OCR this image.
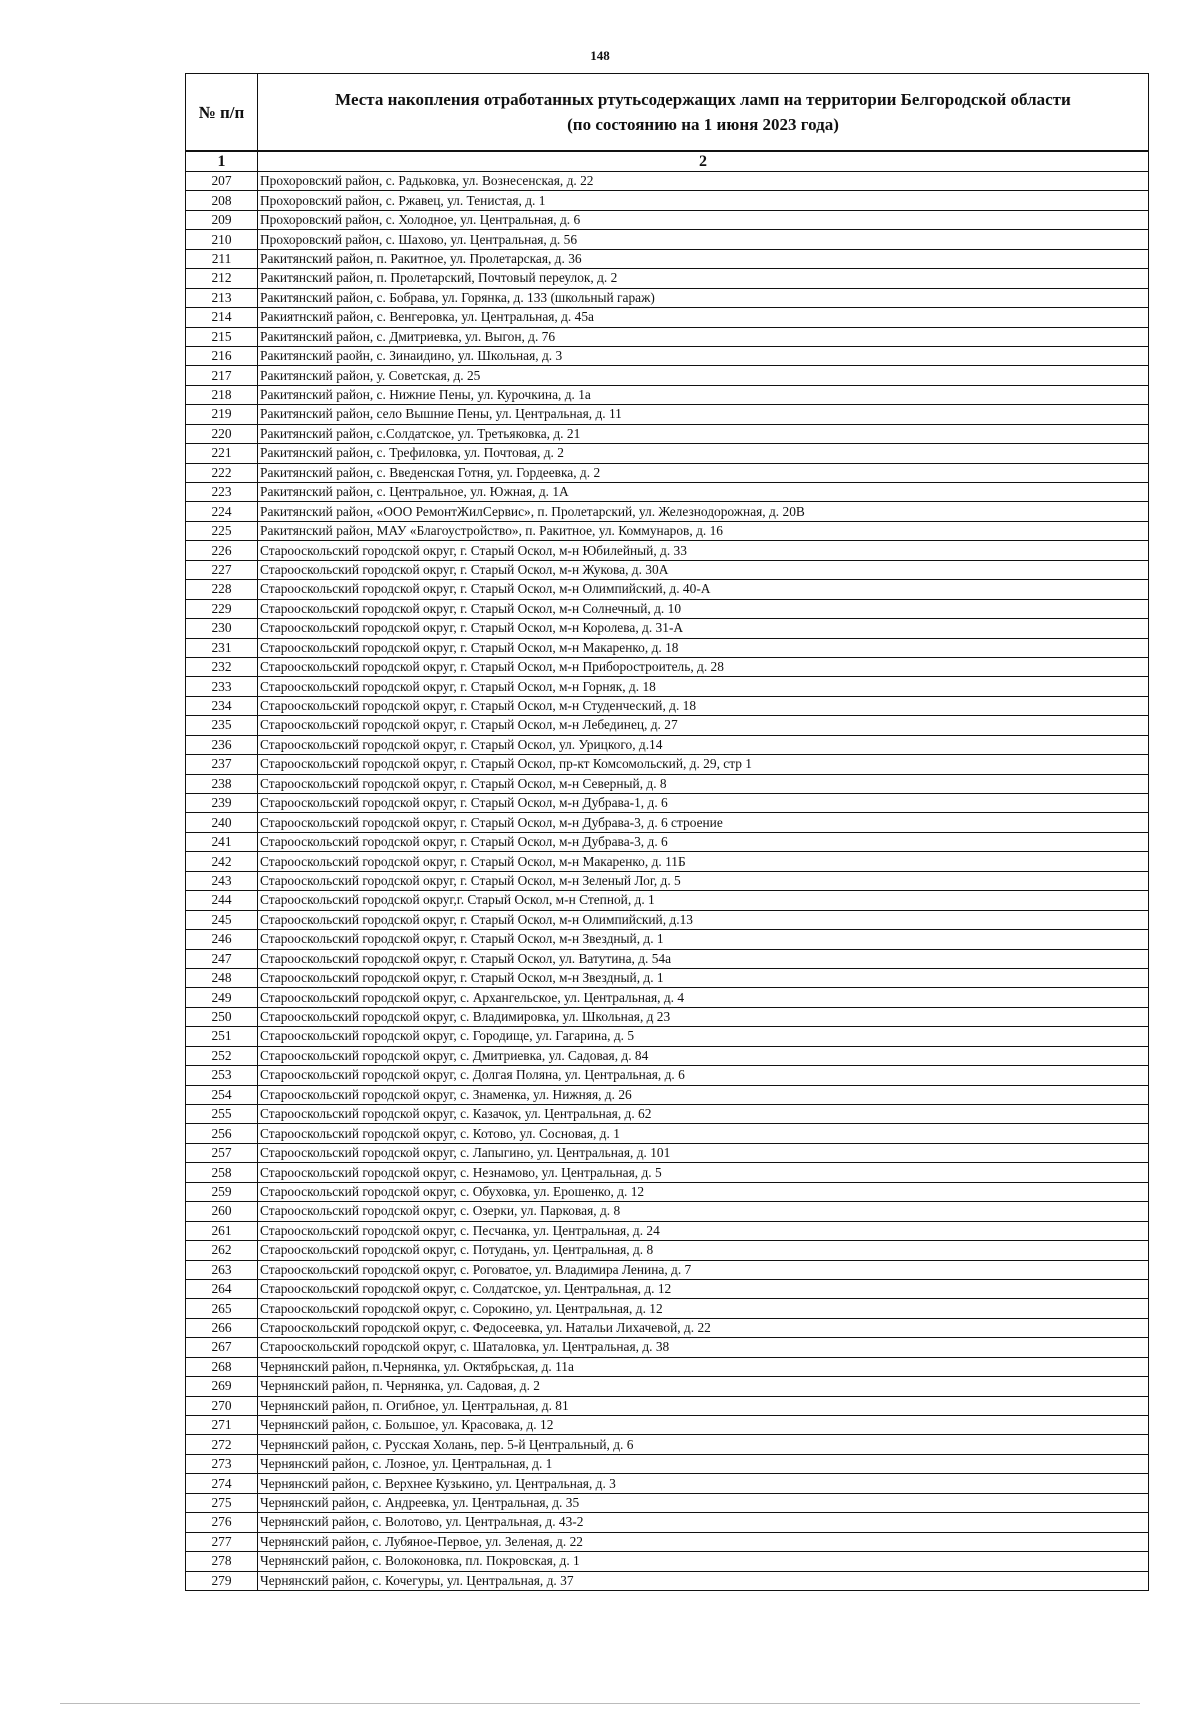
148
№ п/п	Места накопления отработанных ртутьсодержащих ламп на территории Белгородской области
(по состоянию на 1 июня 2023 года)

1	2
207	Прохоровский район, с. Радьковка, ул. Вознесенская, д. 22
208	Прохоровский район, с. Ржавец, ул. Тенистая, д. 1
209	Прохоровский район, с. Холодное, ул. Центральная, д. 6
210	Прохоровский район, с. Шахово, ул. Центральная, д. 56
211	Ракитянский район, п. Ракитное, ул. Пролетарская, д. 36
212	Ракитянский район, п. Пролетарский, Почтовый переулок, д. 2
213	Ракитянский район, с. Бобрава, ул. Горянка, д. 133 (школьный гараж)
214	Ракиятнский район, с. Венгеровка, ул. Центральная, д. 45а
215	Ракитянский район, с. Дмитриевка, ул. Выгон, д. 76
216	Ракитянский раойн, с. Зинаидино, ул. Школьная, д. 3
217	Ракитянский район, у. Советская, д. 25
218	Ракитянский район, с. Нижние Пены, ул. Курочкина, д. 1а
219	Ракитянский район, село Вышние Пены, ул. Центральная, д. 11
220	Ракитянский район, с.Солдатское, ул. Третьяковка, д. 21
221	Ракитянский район, с. Трефиловка, ул. Почтовая, д. 2
222	Ракитянский район, с. Введенская Готня, ул. Гордеевка, д. 2
223	Ракитянский район, с. Центральное, ул. Южная, д. 1А
224	Ракитянский район, «ООО РемонтЖилСервис», п. Пролетарский, ул. Железнодорожная, д. 20В
225	Ракитянский район, МАУ «Благоустройство», п. Ракитное, ул. Коммунаров, д. 16
226	Старооскольский городской округ, г. Старый Оскол, м-н Юбилейный, д. 33
227	Старооскольский городской округ, г. Старый Оскол, м-н Жукова, д. 30А
228	Старооскольский городской округ, г. Старый Оскол, м-н Олимпийский, д. 40-А
229	Старооскольский городской округ, г. Старый Оскол, м-н Солнечный, д. 10
230	Старооскольский городской округ, г. Старый Оскол, м-н Королева, д. 31-А
231	Старооскольский городской округ, г. Старый Оскол, м-н Макаренко, д. 18
232	Старооскольский городской округ, г. Старый Оскол, м-н Приборостроитель, д. 28
233	Старооскольский городской округ, г. Старый Оскол, м-н Горняк, д. 18
234	Старооскольский городской округ, г. Старый Оскол, м-н Студенческий, д. 18
235	Старооскольский городской округ, г. Старый Оскол, м-н Лебединец, д. 27
236	Старооскольский городской округ, г. Старый Оскол, ул. Урицкого, д.14
237	Старооскольский городской округ, г. Старый Оскол, пр-кт Комсомольский, д. 29, стр 1
238	Старооскольский городской округ, г. Старый Оскол, м-н Северный, д. 8
239	Старооскольский городской округ, г. Старый Оскол, м-н Дубрава-1, д. 6
240	Старооскольский городской округ, г. Старый Оскол, м-н Дубрава-3, д. 6 строение
241	Старооскольский городской округ, г. Старый Оскол, м-н Дубрава-3, д. 6
242	Старооскольский городской округ, г. Старый Оскол, м-н Макаренко, д. 11Б
243	Старооскольский городской округ, г. Старый Оскол, м-н Зеленый Лог, д. 5
244	Старооскольский городской округ,г. Старый Оскол, м-н Степной, д. 1
245	Старооскольский городской округ, г. Старый Оскол, м-н Олимпийский, д.13
246	Старооскольский городской округ, г. Старый Оскол, м-н Звездный, д. 1
247	Старооскольский городской округ, г. Старый Оскол, ул. Ватутина, д. 54а
248	Старооскольский городской округ, г. Старый Оскол, м-н Звездный, д. 1
249	Старооскольский городской округ, с. Архангельское, ул. Центральная, д. 4
250	Старооскольский городской округ, с. Владимировка, ул. Школьная, д 23
251	Старооскольский городской округ, с. Городище, ул. Гагарина, д. 5
252	Старооскольский городской округ, с. Дмитриевка, ул. Садовая, д. 84
253	Старооскольский городской округ, с. Долгая Поляна, ул. Центральная, д. 6
254	Старооскольский городской округ, с. Знаменка, ул. Нижняя, д. 26
255	Старооскольский городской округ, с. Казачок, ул. Центральная, д. 62
256	Старооскольский городской округ, с. Котово, ул. Сосновая, д. 1
257	Старооскольский городской округ, с. Лапыгино, ул. Центральная, д. 101
258	Старооскольский городской округ, с. Незнамово, ул. Центральная, д. 5
259	Старооскольский городской округ, с. Обуховка, ул. Ерошенко, д. 12
260	Старооскольский городской округ, с. Озерки, ул. Парковая, д. 8
261	Старооскольский городской округ, с. Песчанка, ул. Центральная, д. 24
262	Старооскольский городской округ, с. Потудань, ул. Центральная, д. 8
263	Старооскольский городской округ, с. Роговатое, ул. Владимира Ленина, д. 7
264	Старооскольский городской округ, с. Солдатское, ул. Центральная, д. 12
265	Старооскольский городской округ, с. Сорокино, ул. Центральная, д. 12
266	Старооскольский городской округ, с. Федосеевка, ул. Натальи Лихачевой, д. 22
267	Старооскольский городской округ, с. Шаталовка, ул. Центральная, д. 38
268	Чернянский район, п.Чернянка, ул. Октябрьская, д. 11а
269	Чернянский район, п. Чернянка, ул. Садовая, д. 2
270	Чернянский район, п. Огибное, ул. Центральная, д. 81
271	Чернянский район, с. Большое, ул. Красовака, д. 12
272	Чернянский район, с. Русская Холань, пер. 5-й Центральный, д. 6
273	Чернянский район, с. Лозное, ул. Центральная, д. 1
274	Чернянский район, с. Верхнее Кузькино, ул. Центральная, д. 3
275	Чернянский район, с. Андреевка, ул. Центральная, д. 35
276	Чернянский район, с. Волотово, ул. Центральная, д. 43-2
277	Чернянский район, с. Лубяное-Первое, ул. Зеленая, д. 22
278	Чернянский район, с. Волоконовка, пл. Покровская, д. 1
279	Чернянский район, с. Кочегуры, ул. Центральная, д. 37
